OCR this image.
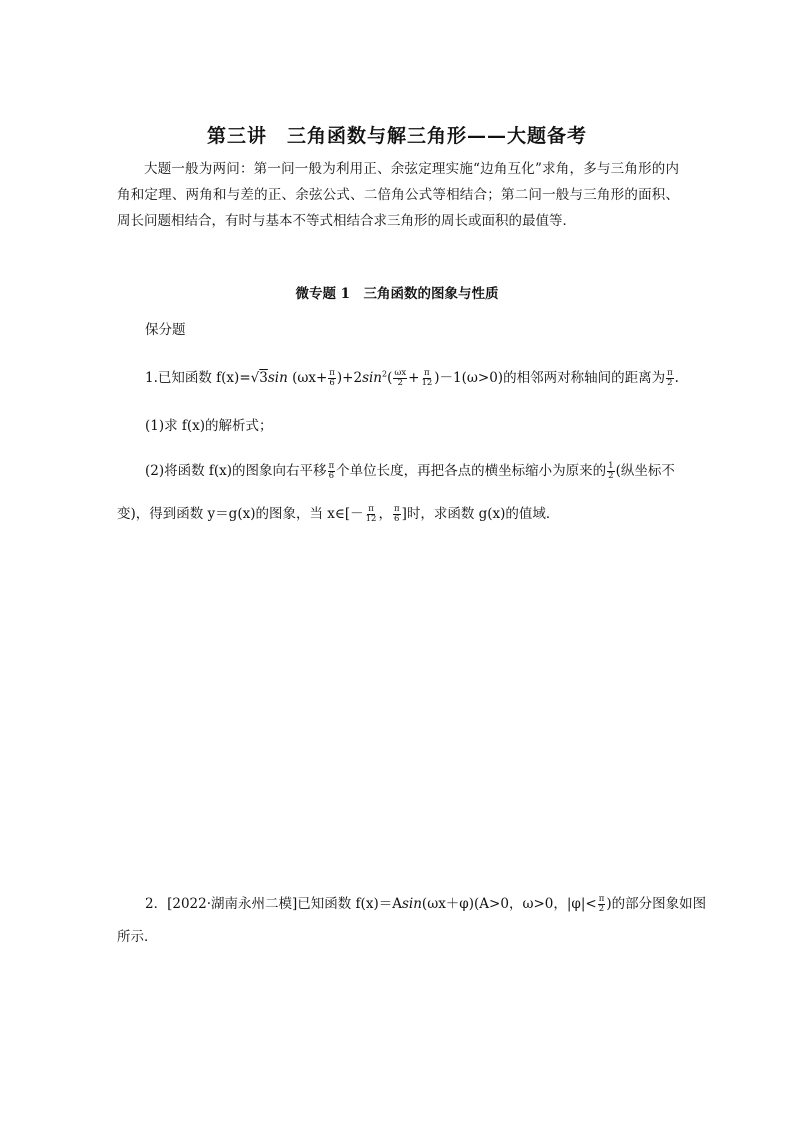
第三讲　三角函数与解三角形——大题备考
大题一般为两问：第一问一般为利用正、余弦定理实施“边角互化”求角，多与三角形的内角和定理、两角和与差的正、余弦公式、二倍角公式等相结合；第二问一般与三角形的面积、周长问题相结合，有时与基本不等式相结合求三角形的周长或面积的最值等．
微专题 1　三角函数的图象与性质
保分题
1.已知函数 f(x)=√3sin $(\omega x+ \frac{\pi}{6} )+2\sin^2( \frac{\omega x}{2} + \frac{\pi}{12} )-1(\omega>0)$的相邻两对称轴间的距离为 $\frac{\pi}{2}$ .
(1)求 f(x)的解析式；
(2)将函数 f(x)的图象向右平移 $\frac{\pi}{6}$ 个单位长度，再把各点的横坐标缩小为原来的 $\frac{1}{2}$ (纵坐标不
变)，得到函数 y＝g(x)的图象，当 x∈[－ $\frac{\pi}{12}$ ， $\frac{\pi}{6}$ ]时，求函数 g(x)的值域．
2．[2022·湖南永州二模]已知函数 f(x)＝Asin(ωx＋φ)(A>0，ω>0，$|\varphi|< \frac{\pi}{2}$ )的部分图象如图
所示．
